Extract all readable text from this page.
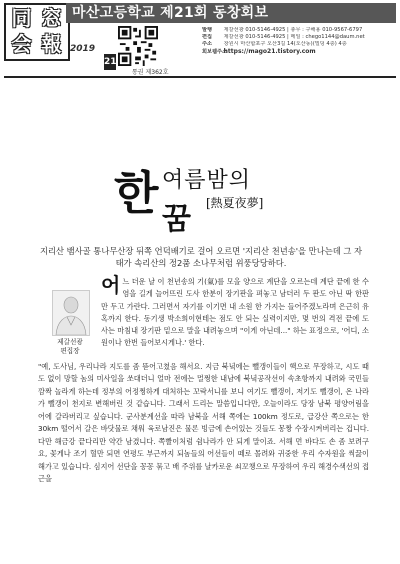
同 窓
会 報 2019
마산고등학교 제21회 동창회보
21
통권 제362호
발행 제갈선광 010-5146-4925 | 총무 : 구해용 010-9567-6797
편집 제갈선광 010-5146-4925 | 메일 : chego1144@daum.net
주소 창원시 마산합포구 오산3길 14(오산동)(빌딩 4층) 4층
회보웹주소 https://mago21.tistory.com
한 여름밤의
꿈 [熱夏夜夢]
지리산 뱀사골 통나무산장 뒤쪽 언덕배기로 걸어 오르면 '지리산 천년송'을 만나는데 그 자태가 속리산의 정2품 소나무처럼 위풍당당하다.
제갈선광
편집장
어느 더운 날 이 천년송의 기(氣)를 모을 양으로 계단을 오르는데 계단 끝에 한 수염을 길게 늘어뜨린 도사 한분이 장기판을 펴놓고 남더러 두 판도 아닌 딱 한판만 두고 가란다. 그러면서 자기를 이기면 내 소원 한 가지는 들어주겠노라며 은근히 유혹까지 한다. 동기생 박소희이현테는 점도 안 되는 실력이지만, 몇 번의 격전 끝에 도사는 마침내 장기판 밑으로 말을 내려놓으며 "이게 아닌데..." 하는 표정으로, '어디, 소원이나 한번 들어보시게나.' 한다.
"예, 도사님, 우리나라 지도를 좀 뜯어고쳤음 해서요. 지금 북녘에는 뺄갱이들이 핵으로 무장하고, 시도 때도 없이 망할 놈의 미사일을 쏘대더니 얼마 전에는 멀쩡한 내남에 북녘공작선이 속초항까지 내려와 국민들 깜짝 놀라게 하는데 정부의 어정쩡하게 대처하는 꼬락서니를 보니 여기도 뺄갱이, 저기도 뺄갱이, 온 나라가 뺄갱이 천지로 변해버린 것 같습니다. 그래서 드리는 말씀입니다만, 오늘이라도 당장 남북 평양어림을 어에 갈라버리고 싶습니다. 군사분계선을 따라 남북을 서해 쪽에는 100km 정도로, 급강산 쪽으로는 한 30km 떨어서 갈은 바닷물로 채워 육로남진은 물론 빙금에 손어있는 것들도 몽짱 수장시켜버리는 겁니다. 다만 해금강 끝다리만 약간 남겼니다. 쪽빨이처럼 쉼나라가 안 되게 말이죠. 서해 먼 바다도 손 좀 보려구요, 꽃게나 조기 혈만 되면 연평도 부근까지 되놈들의 어선들이 떼로 몰려와 귀중한 우리 수자원을 씩끓이해가고 있습니다. 심지어 선단을 꽁꽁 묶고 배 주위를 날카로운 쇠꼬챙으로 무장하여 우리 해경수색선의 접근을
